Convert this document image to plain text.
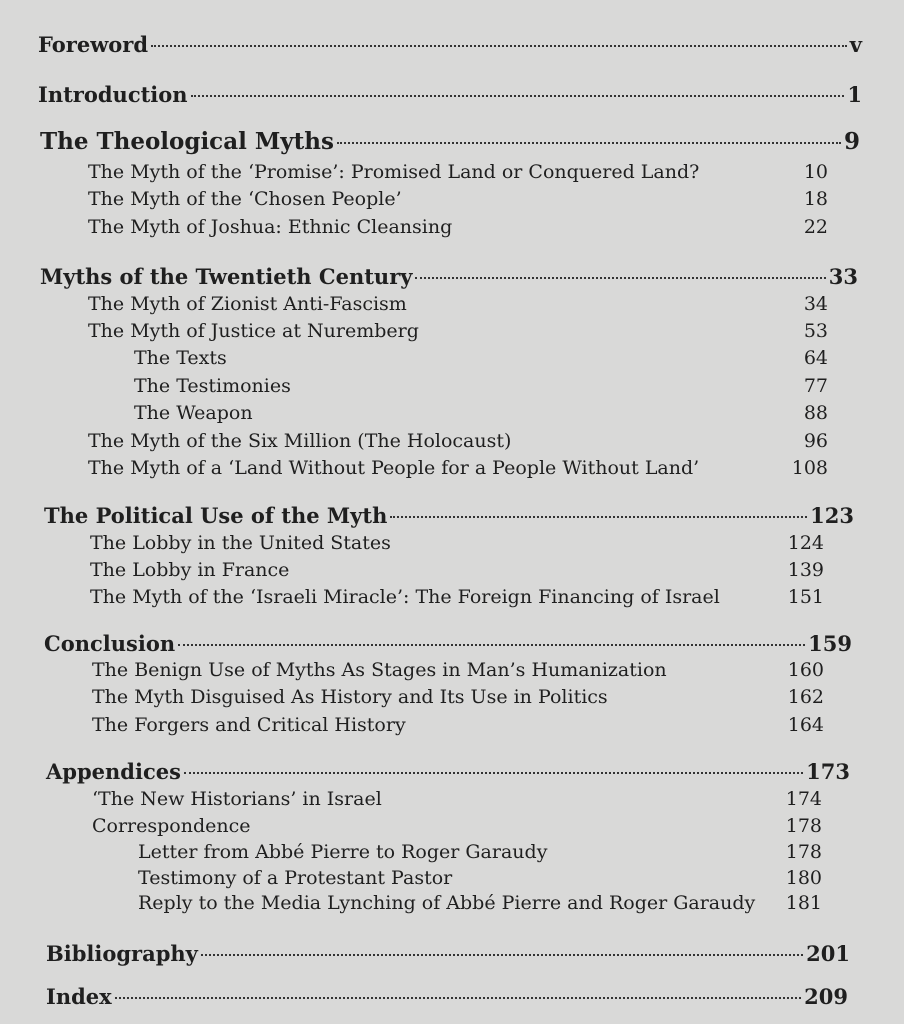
Foreword	v
Introduction	1
The Theological Myths	9
The Myth of the ‘Promise’: Promised Land or Conquered Land?	10
The Myth of the ‘Chosen People’	18
The Myth of Joshua: Ethnic Cleansing	22
Myths of the Twentieth Century	33
The Myth of Zionist Anti-Fascism	34
The Myth of Justice at Nuremberg	53
The Texts	64
The Testimonies	77
The Weapon	88
The Myth of the Six Million (The Holocaust)	96
The Myth of a ‘Land Without People for a People Without Land’	108
The Political Use of the Myth	123
The Lobby in the United States	124
The Lobby in France	139
The Myth of the ‘Israeli Miracle’: The Foreign Financing of Israel	151
Conclusion	159
The Benign Use of Myths As Stages in Man’s Humanization	160
The Myth Disguised As History and Its Use in Politics	162
The Forgers and Critical History	164
Appendices	173
‘The New Historians’ in Israel	174
Correspondence	178
Letter from Abbé Pierre to Roger Garaudy	178
Testimony of a Protestant Pastor	180
Reply to the Media Lynching of Abbé Pierre and Roger Garaudy 181
Bibliography	201
Index	209
